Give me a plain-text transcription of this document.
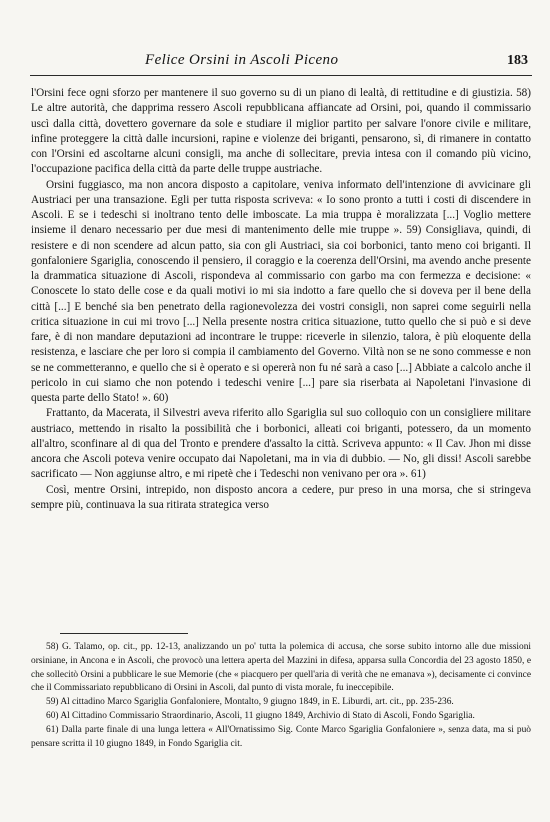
Felice Orsini in Ascoli Piceno	183

l'Orsini fece ogni sforzo per mantenere il suo governo su di un piano di lealtà, di rettitudine e di giustizia. 58) Le altre autorità, che dapprima ressero Ascoli repubblicana affiancate ad Orsini, poi, quando il commissario uscì dalla città, dovettero governare da sole e studiare il miglior partito per salvare l'onore civile e militare, infine proteggere la città dalle incursioni, rapine e violenze dei briganti, pensarono, sì, di rimanere in contatto con l'Orsini ed ascoltarne alcuni consigli, ma anche di sollecitare, previa intesa con il comando più vicino, l'occupazione pacifica della città da parte delle truppe austriache.

Orsini fuggiasco, ma non ancora disposto a capitolare, veniva informato dell'intenzione di avvicinare gli Austriaci per una transazione. Egli per tutta risposta scriveva: « Io sono pronto a tutti i costi di discendere in Ascoli. E se i tedeschi si inoltrano tento delle imboscate. La mia truppa è moralizzata [...] Voglio mettere insieme il denaro necessario per due mesi di mantenimento delle mie truppe ». 59) Consigliava, quindi, di resistere e di non scendere ad alcun patto, sia con gli Austriaci, sia coi borbonici, tanto meno coi briganti. Il gonfaloniere Sgariglia, conoscendo il pensiero, il coraggio e la coerenza dell'Orsini, ma avendo anche presente la drammatica situazione di Ascoli, rispondeva al commissario con garbo ma con fermezza e decisione: « Conoscete lo stato delle cose e da quali motivi io mi sia indotto a fare quello che si doveva per il bene della città [...] E benché sia ben penetrato della ragionevolezza dei vostri consigli, non saprei come seguirli nella critica situazione in cui mi trovo [...] Nella presente nostra critica situazione, tutto quello che si può e si deve fare, è di non mandare deputazioni ad incontrare le truppe: riceverle in silenzio, talora, è più eloquente della resistenza, e lasciare che per loro si compia il cambiamento del Governo. Viltà non se ne sono commesse e non se ne commetteranno, e quello che si è operato e si opererà non fu né sarà a caso [...] Abbiate a calcolo anche il pericolo in cui siamo che non potendo i tedeschi venire [...] pare sia riserbata ai Napoletani l'invasione di questa parte dello Stato! ». 60)

Frattanto, da Macerata, il Silvestri aveva riferito allo Sgariglia sul suo colloquio con un consigliere militare austriaco, mettendo in risalto la possibilità che i borbonici, alleati coi briganti, potessero, da un momento all'altro, sconfinare al di qua del Tronto e prendere d'assalto la città. Scriveva appunto: « Il Cav. Jhon mi disse ancora che Ascoli poteva venire occupato dai Napoletani, ma in via di dubbio. — No, gli dissi! Ascoli sarebbe sacrificato — Non aggiunse altro, e mi ripetè che i Tedeschi non venivano per ora ». 61)

Così, mentre Orsini, intrepido, non disposto ancora a cedere, pur preso in una morsa, che si stringeva sempre più, continuava la sua ritirata strategica verso

58) G. Talamo, op. cit., pp. 12-13, analizzando un po' tutta la polemica di accusa, che sorse subito intorno alle due missioni orsiniane, in Ancona e in Ascoli, che provocò una lettera aperta del Mazzini in difesa, apparsa sulla Concordia del 23 agosto 1850, e che sollecitò Orsini a pubblicare le sue Memorie (che « piacquero per quell'aria di verità che ne emanava »), decisamente ci convince che il Commissariato repubblicano di Orsini in Ascoli, dal punto di vista morale, fu ineccepibile.

59) Al cittadino Marco Sgariglia Gonfaloniere, Montalto, 9 giugno 1849, in E. Liburdi, art. cit., pp. 235-236.

60) Al Cittadino Commissario Straordinario, Ascoli, 11 giugno 1849, Archivio di Stato di Ascoli, Fondo Sgariglia.

61) Dalla parte finale di una lunga lettera « All'Ornatissimo Sig. Conte Marco Sgariglia Gonfaloniere », senza data, ma si può pensare scritta il 10 giugno 1849, in Fondo Sgariglia cit.
